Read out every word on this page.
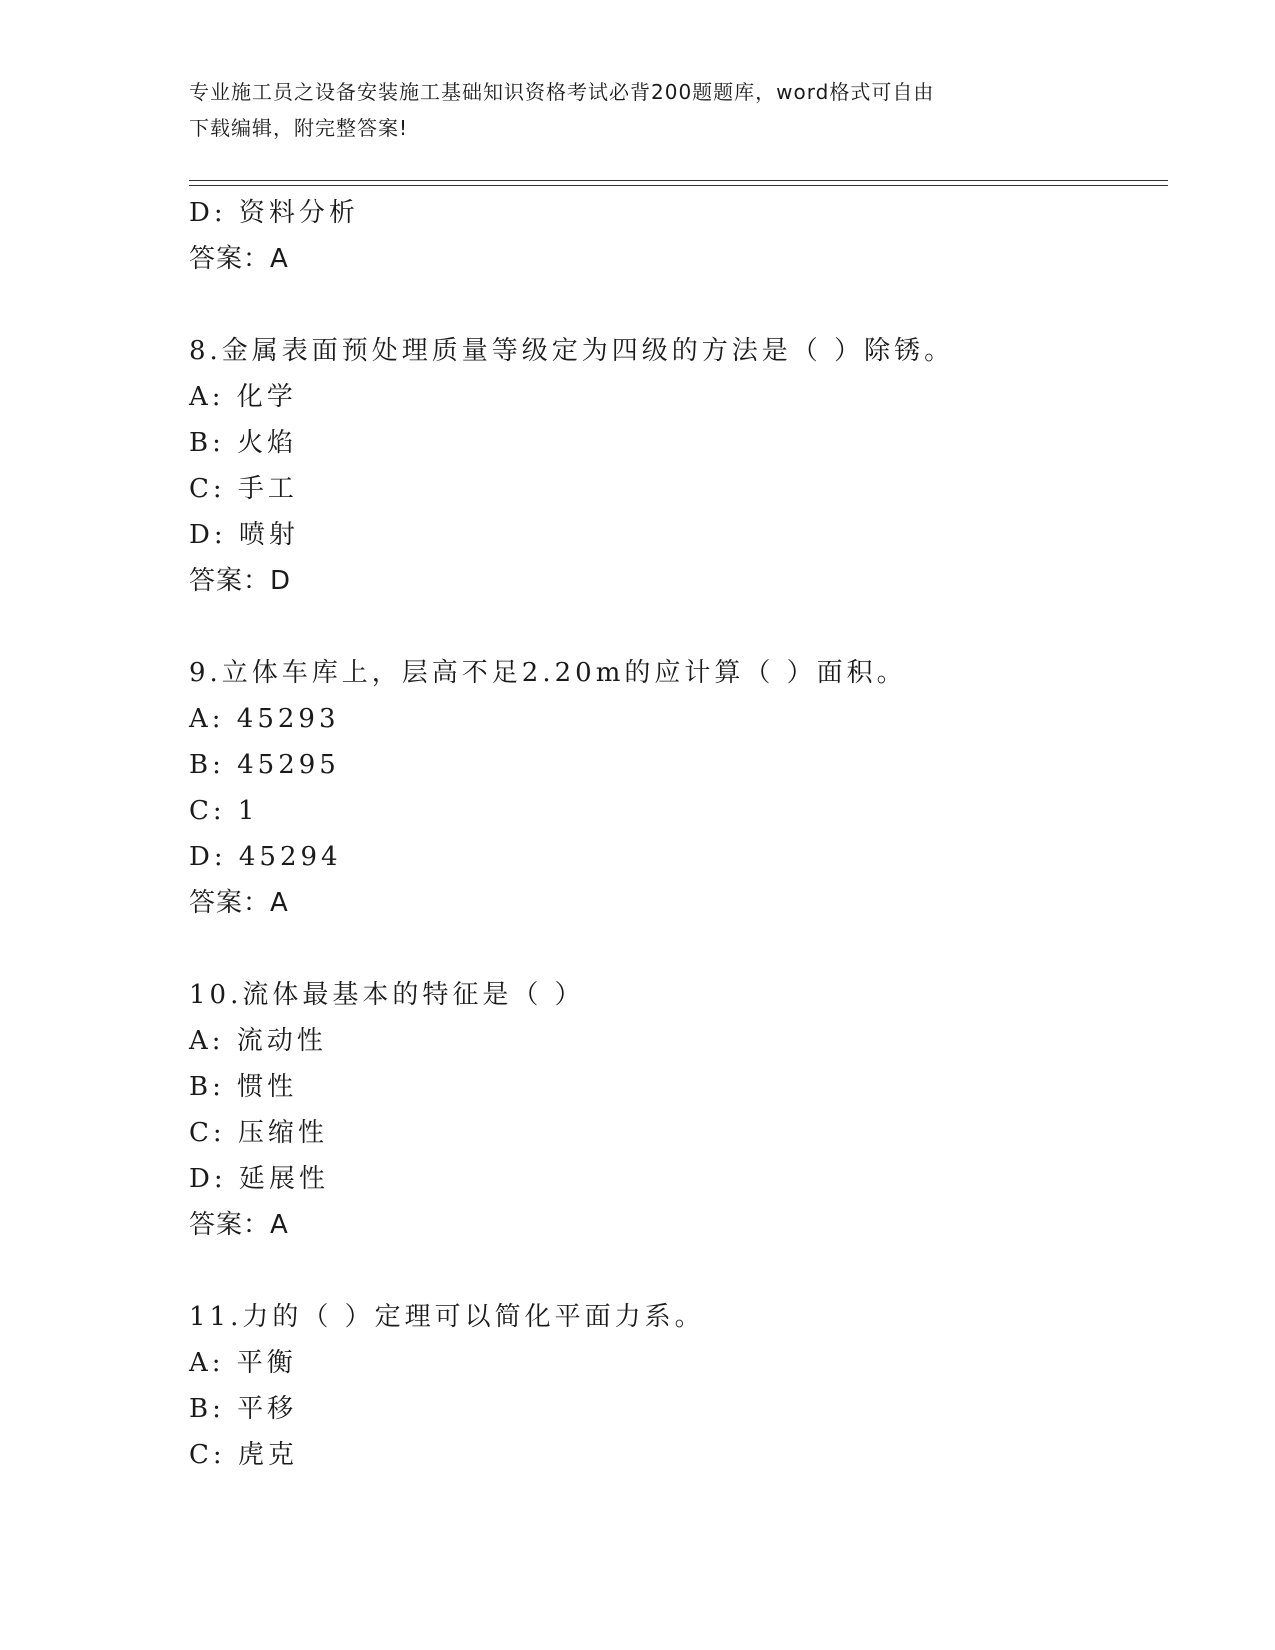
专业施工员之设备安装施工基础知识资格考试必背200题题库，word格式可自由
下载编辑，附完整答案!
D: 资料分析
答案：A
8.金属表面预处理质量等级定为四级的方法是（ ）除锈。
A: 化学
B: 火焰
C: 手工
D: 喷射
答案：D
9.立体车库上，层高不足2.20m的应计算（ ）面积。
A: 45293
B: 45295
C: 1
D: 45294
答案：A
10.流体最基本的特征是（ ）
A: 流动性
B: 惯性
C: 压缩性
D: 延展性
答案：A
11.力的（ ）定理可以简化平面力系。
A: 平衡
B: 平移
C: 虎克
